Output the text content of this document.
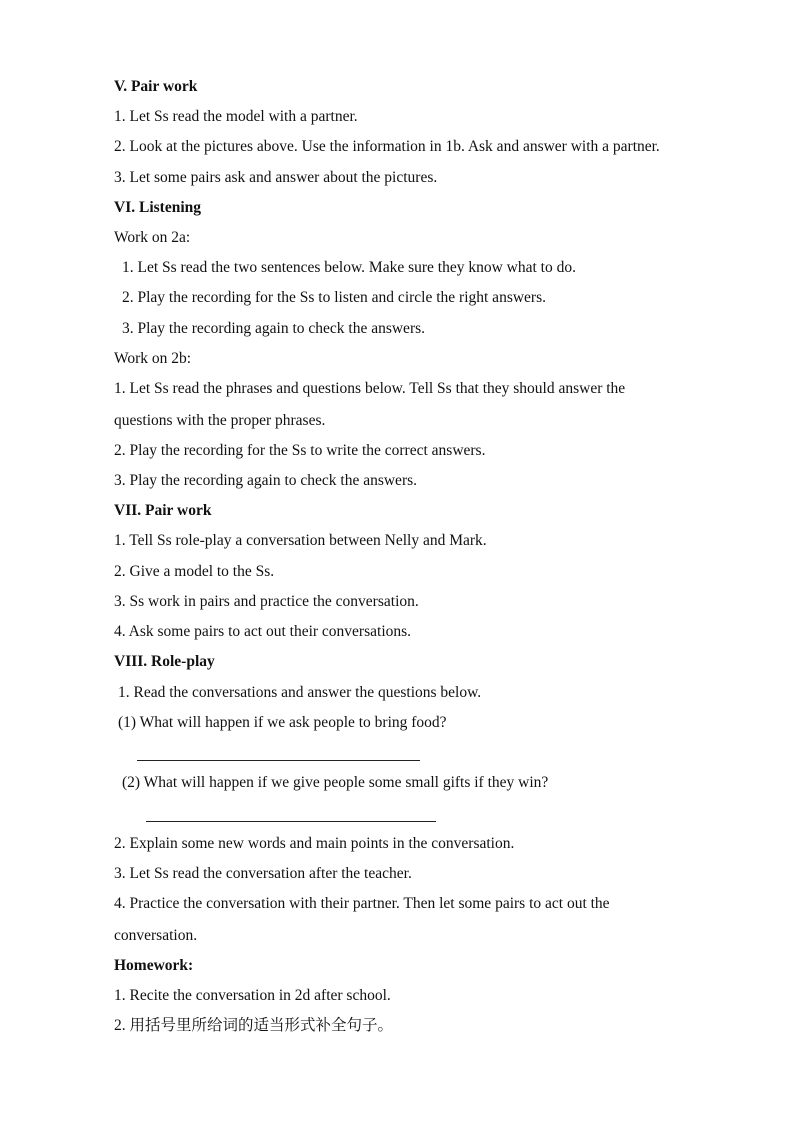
V. Pair work
1. Let Ss read the model with a partner.
2. Look at the pictures above. Use the information in 1b. Ask and answer with a partner.
3. Let some pairs ask and answer about the pictures.
VI. Listening
Work on 2a:
1. Let Ss read the two sentences below. Make sure they know what to do.
2. Play the recording for the Ss to listen and circle the right answers.
3. Play the recording again to check the answers.
Work on 2b:
1. Let Ss read the phrases and questions below. Tell Ss that they should answer the
questions with the proper phrases.
2. Play the recording for the Ss to write the correct answers.
3. Play the recording again to check the answers.
VII. Pair work
1. Tell Ss role-play a conversation between Nelly and Mark.
2. Give a model to the Ss.
3. Ss work in pairs and practice the conversation.
4. Ask some pairs to act out their conversations.
VIII. Role-play
1. Read the conversations and answer the questions below.
(1) What will happen if we ask people to bring food?
(2) What will happen if we give people some small gifts if they win?
2. Explain some new words and main points in the conversation.
3. Let Ss read the conversation after the teacher.
4. Practice the conversation with their partner. Then let some pairs to act out the
conversation.
Homework:
1. Recite the conversation in 2d after school.
2. 用括号里所给词的适当形式补全句子。
